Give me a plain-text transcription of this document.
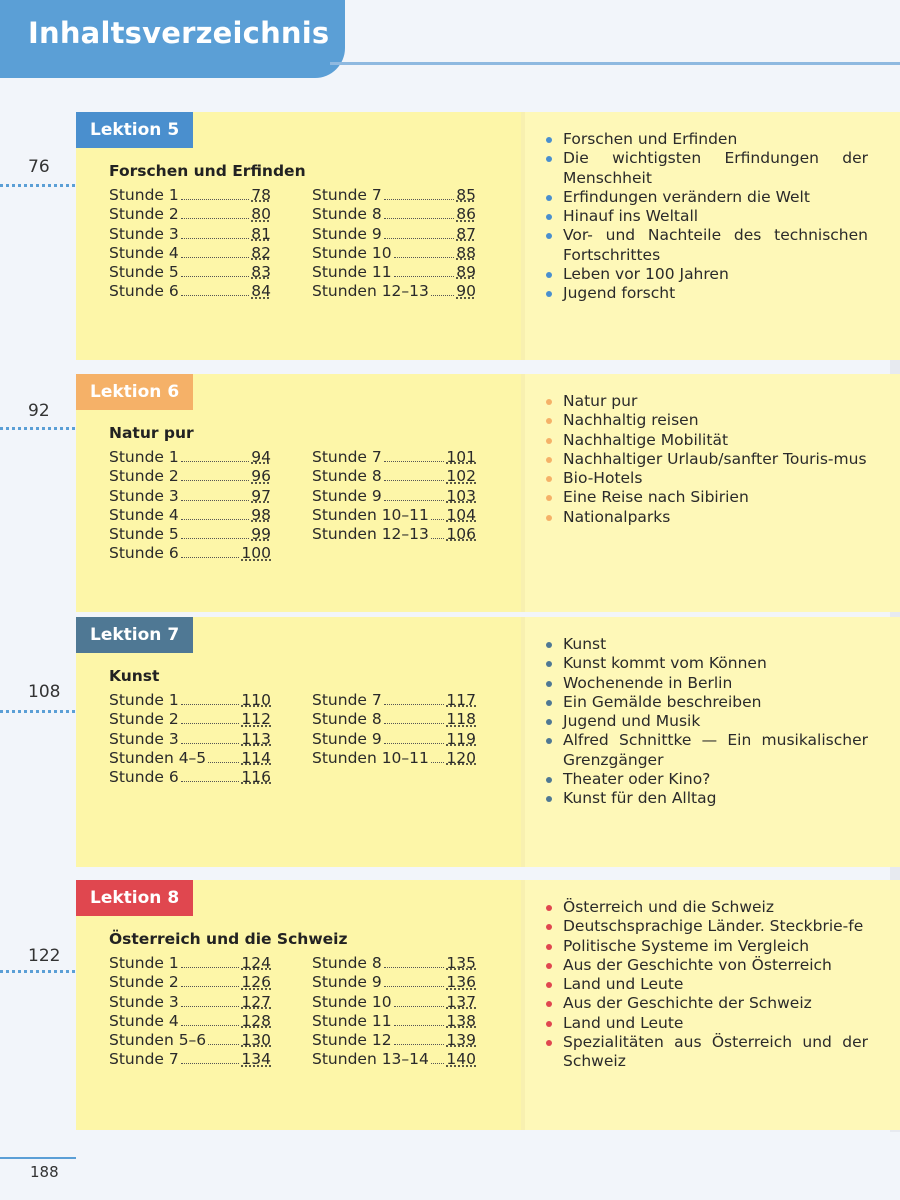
Inhaltsverzeichnis
76
Lektion 5
Forschen und Erfinden
Stunde 1	78
Stunde 2	80
Stunde 3	81
Stunde 4	82
Stunde 5	83
Stunde 6	84
Stunde 7	85
Stunde 8	86
Stunde 9	87
Stunde 10	88
Stunde 11	89
Stunden 12–13 90
Forschen und Erfinden
Die wichtigsten Erfindungen der Menschheit
Erfindungen verändern die Welt
Hinauf ins Weltall
Vor- und Nachteile des technischen Fortschrittes
Leben vor 100 Jahren
Jugend forscht
92
Lektion 6
Natur pur
Stunde 1	94
Stunde 2	96
Stunde 3	97
Stunde 4	98
Stunde 5	99
Stunde 6	100
Stunde 7	101
Stunde 8	102
Stunde 9	103
Stunden 10–11 104
Stunden 12–13 106
Natur pur
Nachhaltig reisen
Nachhaltige Mobilität
Nachhaltiger Urlaub/sanfter Touris-mus
Bio-Hotels
Eine Reise nach Sibirien
Nationalparks
108
Lektion 7
Kunst
Stunde 1	110
Stunde 2	112
Stunde 3	113
Stunden 4–5 114
Stunde 6	116
Stunde 7	117
Stunde 8	118
Stunde 9	119
Stunden 10–11 120
Kunst
Kunst kommt vom Können
Wochenende in Berlin
Ein Gemälde beschreiben
Jugend und Musik
Alfred Schnittke — Ein musikalischer Grenzgänger
Theater oder Kino?
Kunst für den Alltag
122
Lektion 8
Österreich und die Schweiz
Stunde 1	124
Stunde 2	126
Stunde 3	127
Stunde 4	128
Stunden 5–6 130
Stunde 7	134
Stunde 8	135
Stunde 9	136
Stunde 10	137
Stunde 11	138
Stunde 12	139
Stunden 13–14 140
Österreich und die Schweiz
Deutschsprachige Länder. Steckbrie-fe
Politische Systeme im Vergleich
Aus der Geschichte von Österreich
Land und Leute
Aus der Geschichte der Schweiz
Land und Leute
Spezialitäten aus Österreich und der Schweiz
188
